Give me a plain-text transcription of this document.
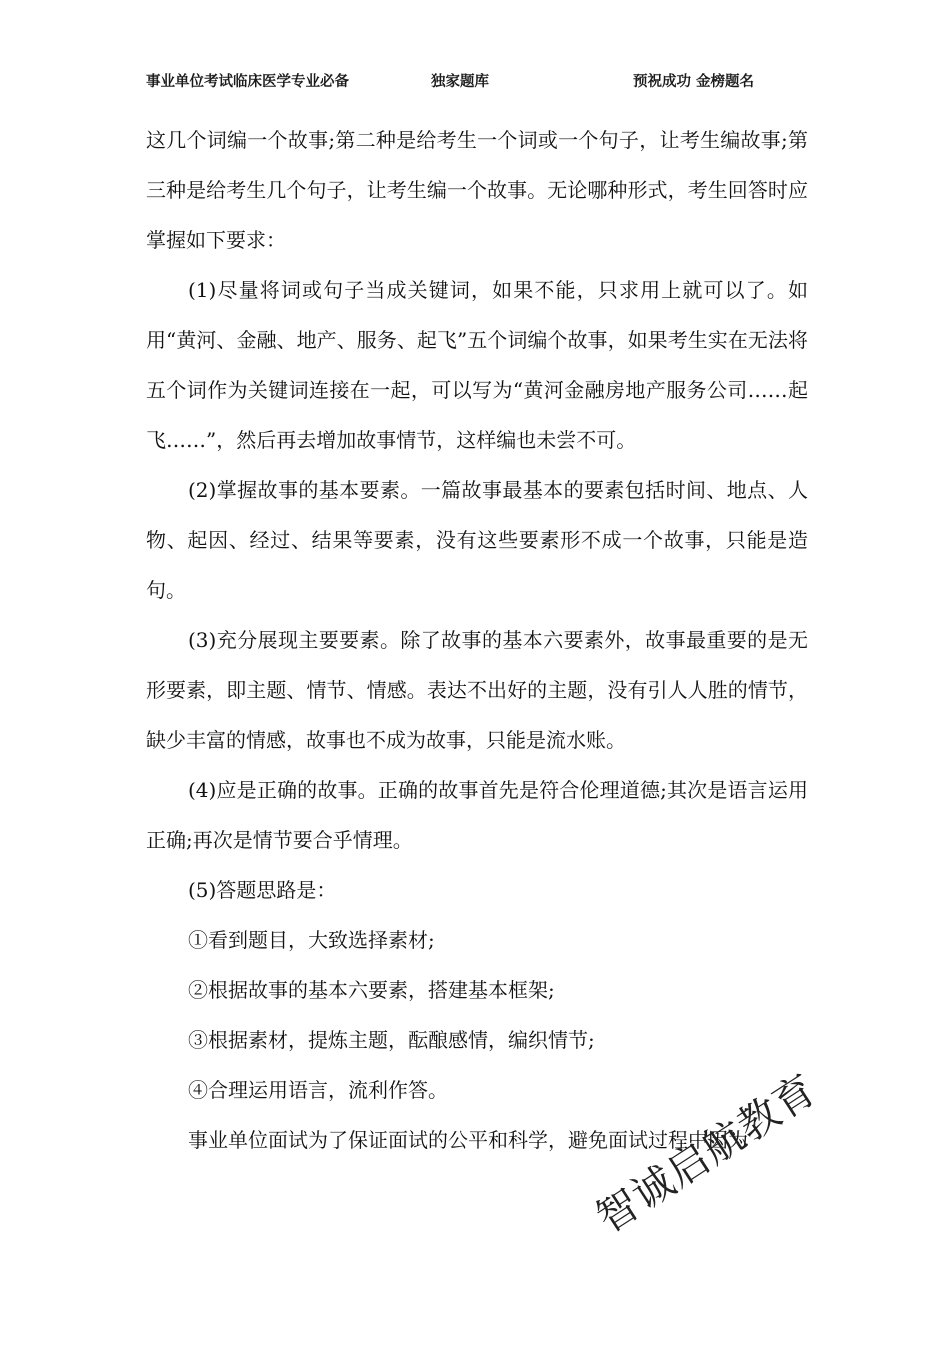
事业单位考试临床医学专业必备	独家题库	预祝成功 金榜题名

这几个词编一个故事;第二种是给考生一个词或一个句子，让考生编故事;第三种是给考生几个句子，让考生编一个故事。无论哪种形式，考生回答时应掌握如下要求：

(1)尽量将词或句子当成关键词，如果不能，只求用上就可以了。如用“黄河、金融、地产、服务、起飞”五个词编个故事，如果考生实在无法将五个词作为关键词连接在一起，可以写为“黄河金融房地产服务公司……起飞……”，然后再去增加故事情节，这样编也未尝不可。

(2)掌握故事的基本要素。一篇故事最基本的要素包括时间、地点、人物、起因、经过、结果等要素，没有这些要素形不成一个故事，只能是造句。

(3)充分展现主要要素。除了故事的基本六要素外，故事最重要的是无形要素，即主题、情节、情感。表达不出好的主题，没有引人人胜的情节，缺少丰富的情感，故事也不成为故事，只能是流水账。

(4)应是正确的故事。正确的故事首先是符合伦理道德;其次是语言运用正确;再次是情节要合乎情理。

(5)答题思路是：

①看到题目，大致选择素材;

②根据故事的基本六要素，搭建基本框架;

③根据素材，提炼主题，酝酿感情，编织情节;

④合理运用语言，流利作答。

事业单位面试为了保证面试的公平和科学，避免面试过程中因为

智诚启航教育
